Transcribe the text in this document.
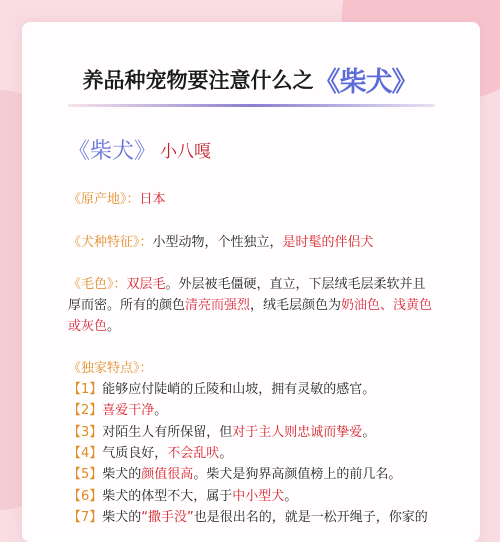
养品种宠物要注意什么之《柴犬》
《柴犬》 小八嘎
《原产地》：日本
《犬种特征》：小型动物，个性独立，是时髦的伴侣犬
《毛色》：双层毛。外层被毛僵硬，直立，下层绒毛层柔软并且
厚而密。所有的颜色清亮而强烈，绒毛层颜色为奶油色、浅黄色
或灰色。
《独家特点》：
【1】能够应付陡峭的丘陵和山坡，拥有灵敏的感官。
【2】喜爱干净。
【3】对陌生人有所保留，但对于主人则忠诚而挚爱。
【4】气质良好，不会乱吠。
【5】柴犬的颜值很高。柴犬是狗界高颜值榜上的前几名。
【6】柴犬的体型不大，属于中小型犬。
【7】柴犬的“撒手没”也是很出名的，就是一松开绳子，你家的
